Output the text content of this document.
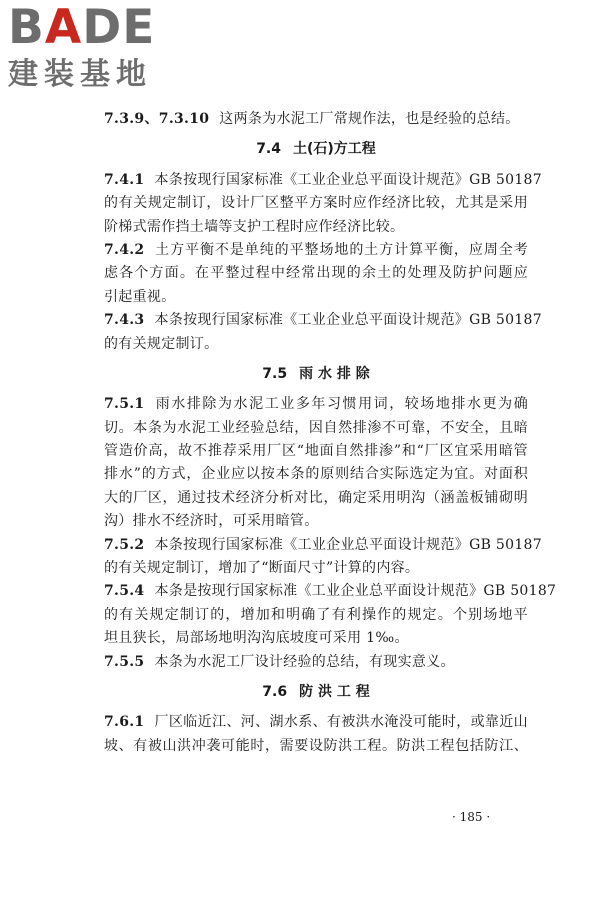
BADE
建装基地
7.3.9、7.3.10 这两条为水泥工厂常规作法，也是经验的总结。
7.4 土(石)方工程
7.4.1 本条按现行国家标准《工业企业总平面设计规范》GB 50187
的有关规定制订，设计厂区整平方案时应作经济比较，尤其是采用
阶梯式需作挡土墙等支护工程时应作经济比较。
7.4.2 土方平衡不是单纯的平整场地的土方计算平衡，应周全考
虑各个方面。在平整过程中经常出现的余土的处理及防护问题应
引起重视。
7.4.3 本条按现行国家标准《工业企业总平面设计规范》GB 50187
的有关规定制订。
7.5 雨 水 排 除
7.5.1 雨水排除为水泥工业多年习惯用词，较场地排水更为确
切。本条为水泥工业经验总结，因自然排渗不可靠，不安全，且暗
管造价高，故不推荐采用厂区“地面自然排渗”和“厂区宜采用暗管
排水”的方式，企业应以按本条的原则结合实际选定为宜。对面积
大的厂区，通过技术经济分析对比，确定采用明沟（涵盖板铺砌明
沟）排水不经济时，可采用暗管。
7.5.2 本条按现行国家标准《工业企业总平面设计规范》GB 50187
的有关规定制订，增加了“断面尺寸”计算的内容。
7.5.4 本条是按现行国家标准《工业企业总平面设计规范》GB 50187
的有关规定制订的，增加和明确了有利操作的规定。个别场地平
坦且狭长，局部场地明沟沟底坡度可采用 1‰。
7.5.5 本条为水泥工厂设计经验的总结，有现实意义。
7.6 防 洪 工 程
7.6.1 厂区临近江、河、湖水系、有被洪水淹没可能时，或靠近山
坡、有被山洪冲袭可能时，需要设防洪工程。防洪工程包括防江、
· 185 ·
